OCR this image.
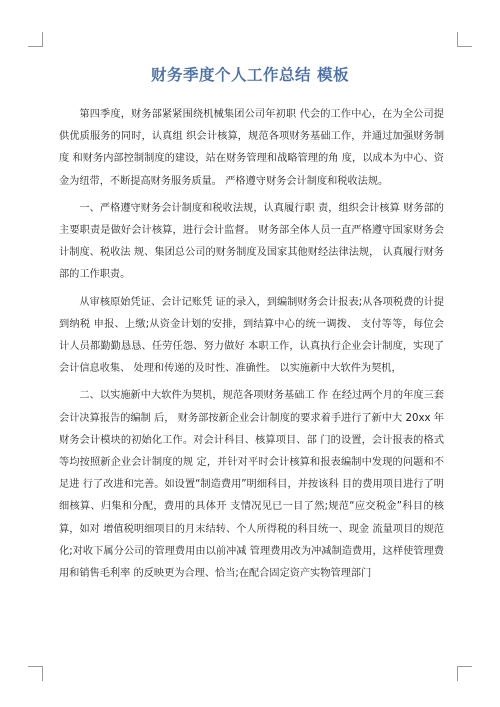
财务季度个人工作总结 模板

第四季度，财务部紧紧围绕机械集团公司年初职 代会的工作中心，在为全公司提供优质服务的同时，认真组 织会计核算，规范各项财务基础工作，并通过加强财务制度 和财务内部控制制度的建设，站在财务管理和战略管理的角 度，以成本为中心、资金为纽带，不断提高财务服务质量。 严格遵守财务会计制度和税收法规。

一、严格遵守财务会计制度和税收法规，认真履行职 责，组织会计核算 财务部的主要职责是做好会计核算，进行会计监督。 财务部全体人员一直严格遵守国家财务会计制度、税收法 规、集团总公司的财务制度及国家其他财经法律法规， 认真履行财务部的工作职责。

从审核原始凭证、会计记账凭 证的录入，到编制财务会计报表;从各项税费的计提到纳税 申报、上缴;从资金计划的安排，到结算中心的统一调拨、 支付等等，每位会计人员都勤勤恳恳、任劳任怨、努力做好 本职工作，认真执行企业会计制度，实现了会计信息收集、 处理和传递的及时性、准确性。 以实施新中大软件为契机，

二、以实施新中大软件为契机，规范各项财务基础工 作 在经过两个月的年度三套会计决算报告的编制 后， 财务部按新企业会计制度的要求着手进行了新中大 20xx 年财务会计模块的初始化工作。对会计科目、核算项目、部 门的设置，会计报表的格式等均按照新企业会计制度的规 定，并针对平时会计核算和报表编制中发现的问题和不足进 行了改进和完善。如设置“制造费用”明细科目，并按该科 目的费用项目进行了明细核算、归集和分配，费用的具体开 支情况见已一目了然;规范“应交税金”科目的核算，如对 增值税明细项目的月末结转、个人所得税的科目统一、现金 流量项目的规范化;对收下属分公司的管理费用由以前冲减 管理费用改为冲减制造费用，这样使管理费用和销售毛利率 的反映更为合理、恰当;在配合固定资产实物管理部门
